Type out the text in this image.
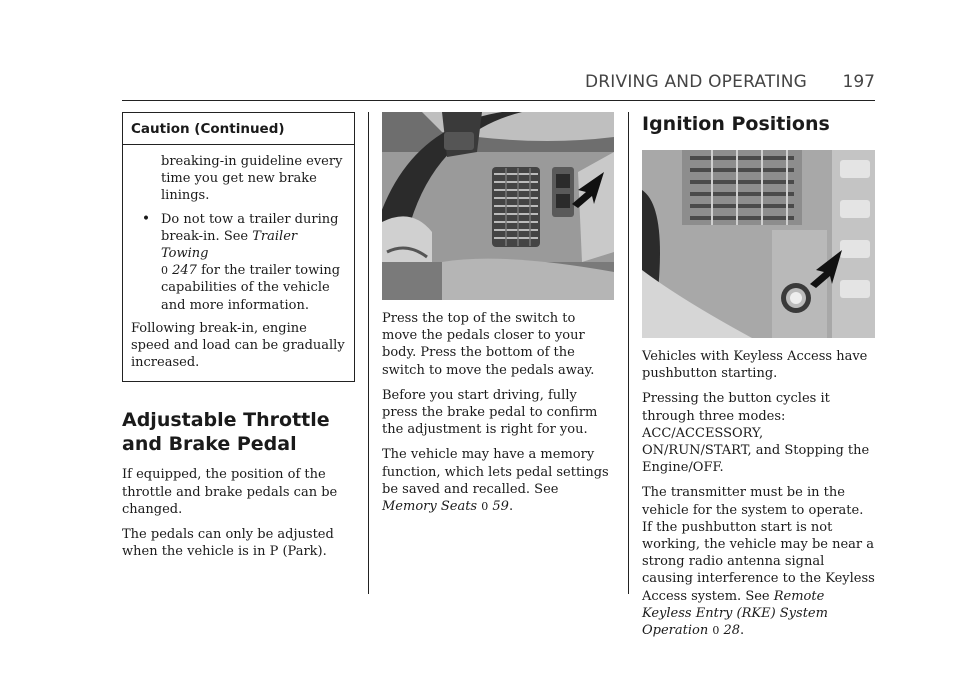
DRIVING AND OPERATING 197
Caution (Continued)

breaking-in guideline every time you get new brake linings.

• Do not tow a trailer during break-in. See Trailer Towing
0 247 for the trailer towing capabilities of the vehicle and more information.

Following break-in, engine speed and load can be gradually increased.

Adjustable Throttle and Brake Pedal

If equipped, the position of the throttle and brake pedals can be changed.

The pedals can only be adjusted when the vehicle is in P (Park).

Press the top of the switch to move the pedals closer to your body. Press the bottom of the switch to move the pedals away.

Before you start driving, fully press the brake pedal to confirm the adjustment is right for you.

The vehicle may have a memory function, which lets pedal settings be saved and recalled. See Memory Seats 0 59.

Ignition Positions

Vehicles with Keyless Access have pushbutton starting.

Pressing the button cycles it through three modes: ACC/ACCESSORY, ON/RUN/START, and Stopping the Engine/OFF.

The transmitter must be in the vehicle for the system to operate. If the pushbutton start is not working, the vehicle may be near a strong radio antenna signal causing interference to the Keyless Access system. See Remote Keyless Entry (RKE) System Operation 0 28.
